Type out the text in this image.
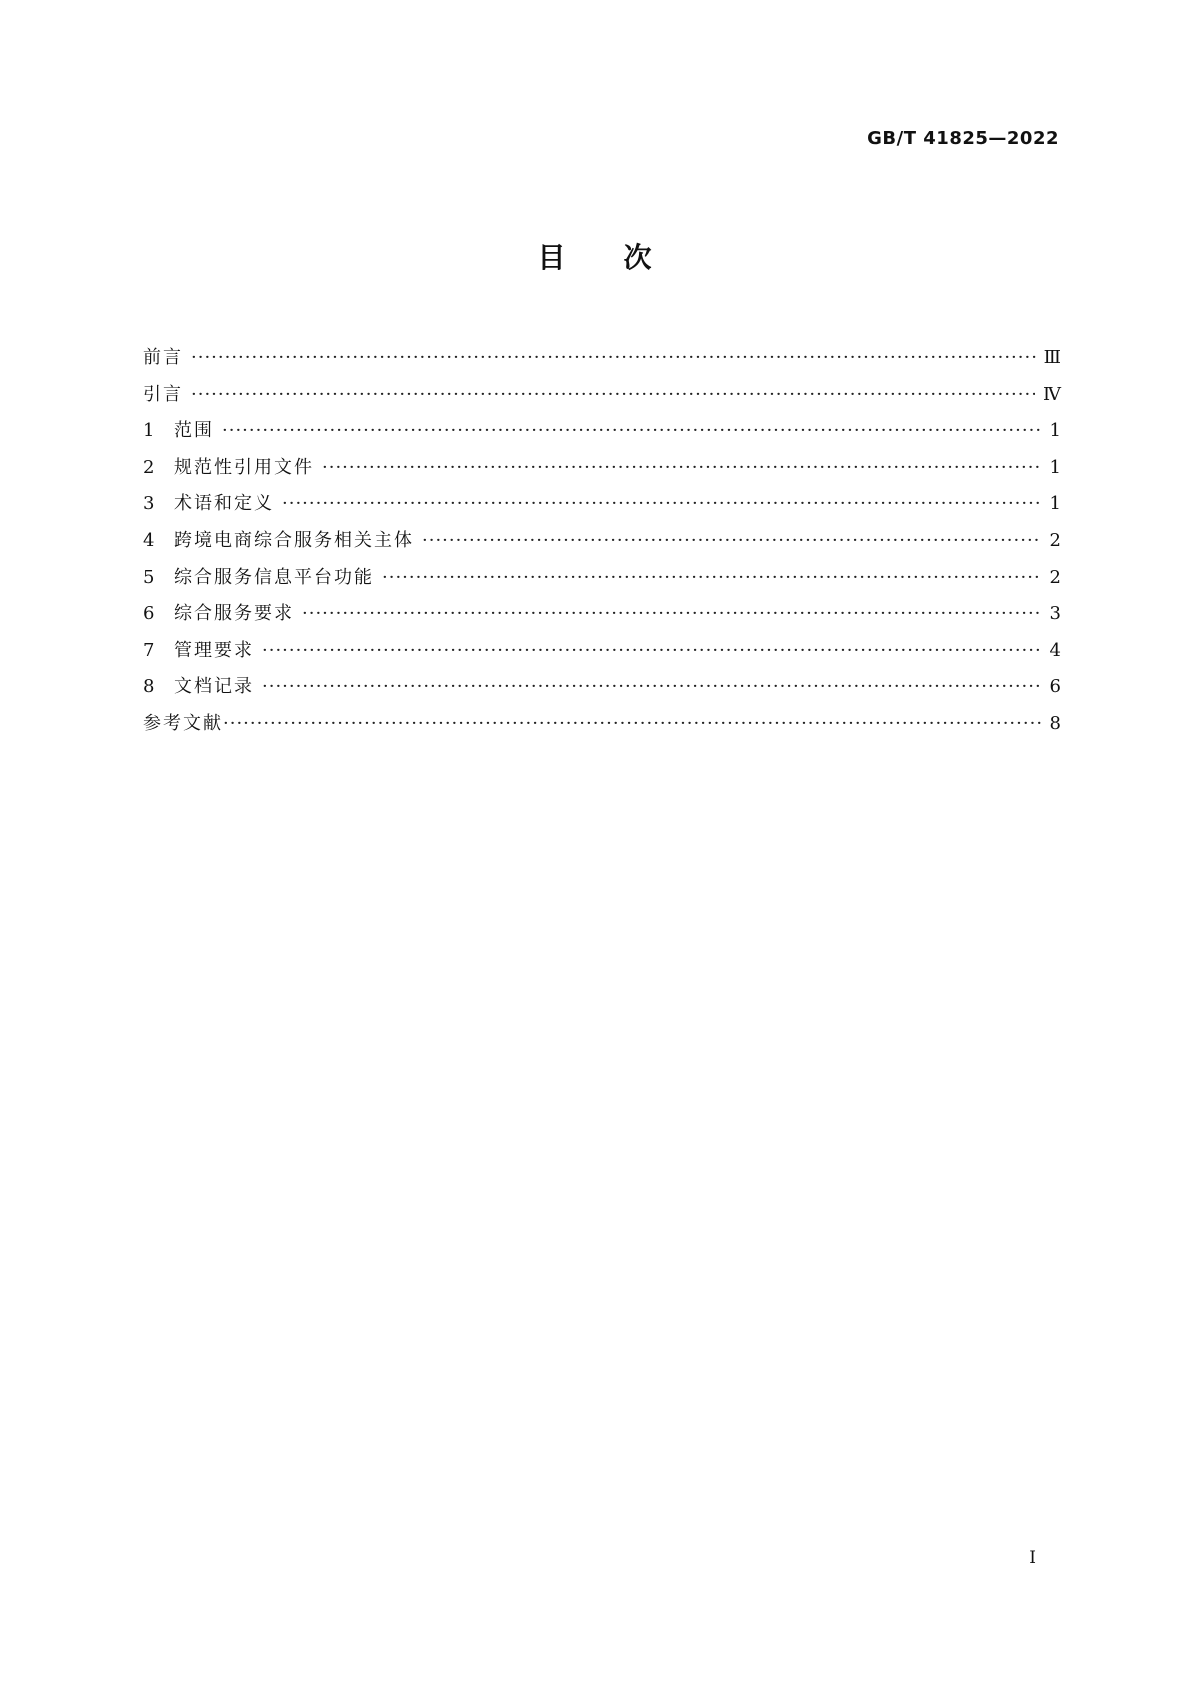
GB/T 41825—2022
目 次
前言 ·····	Ⅲ
引言 ·····	Ⅳ
1	范围 ·····	1
2	规范性引用文件 ·····	1
3	术语和定义 ·····	1
4	跨境电商综合服务相关主体 ·····	2
5	综合服务信息平台功能 ·····	2
6	综合服务要求 ·····	3
7	管理要求 ·····	4
8	文档记录 ·····	6
参考文献 ·····	8
Ⅰ
